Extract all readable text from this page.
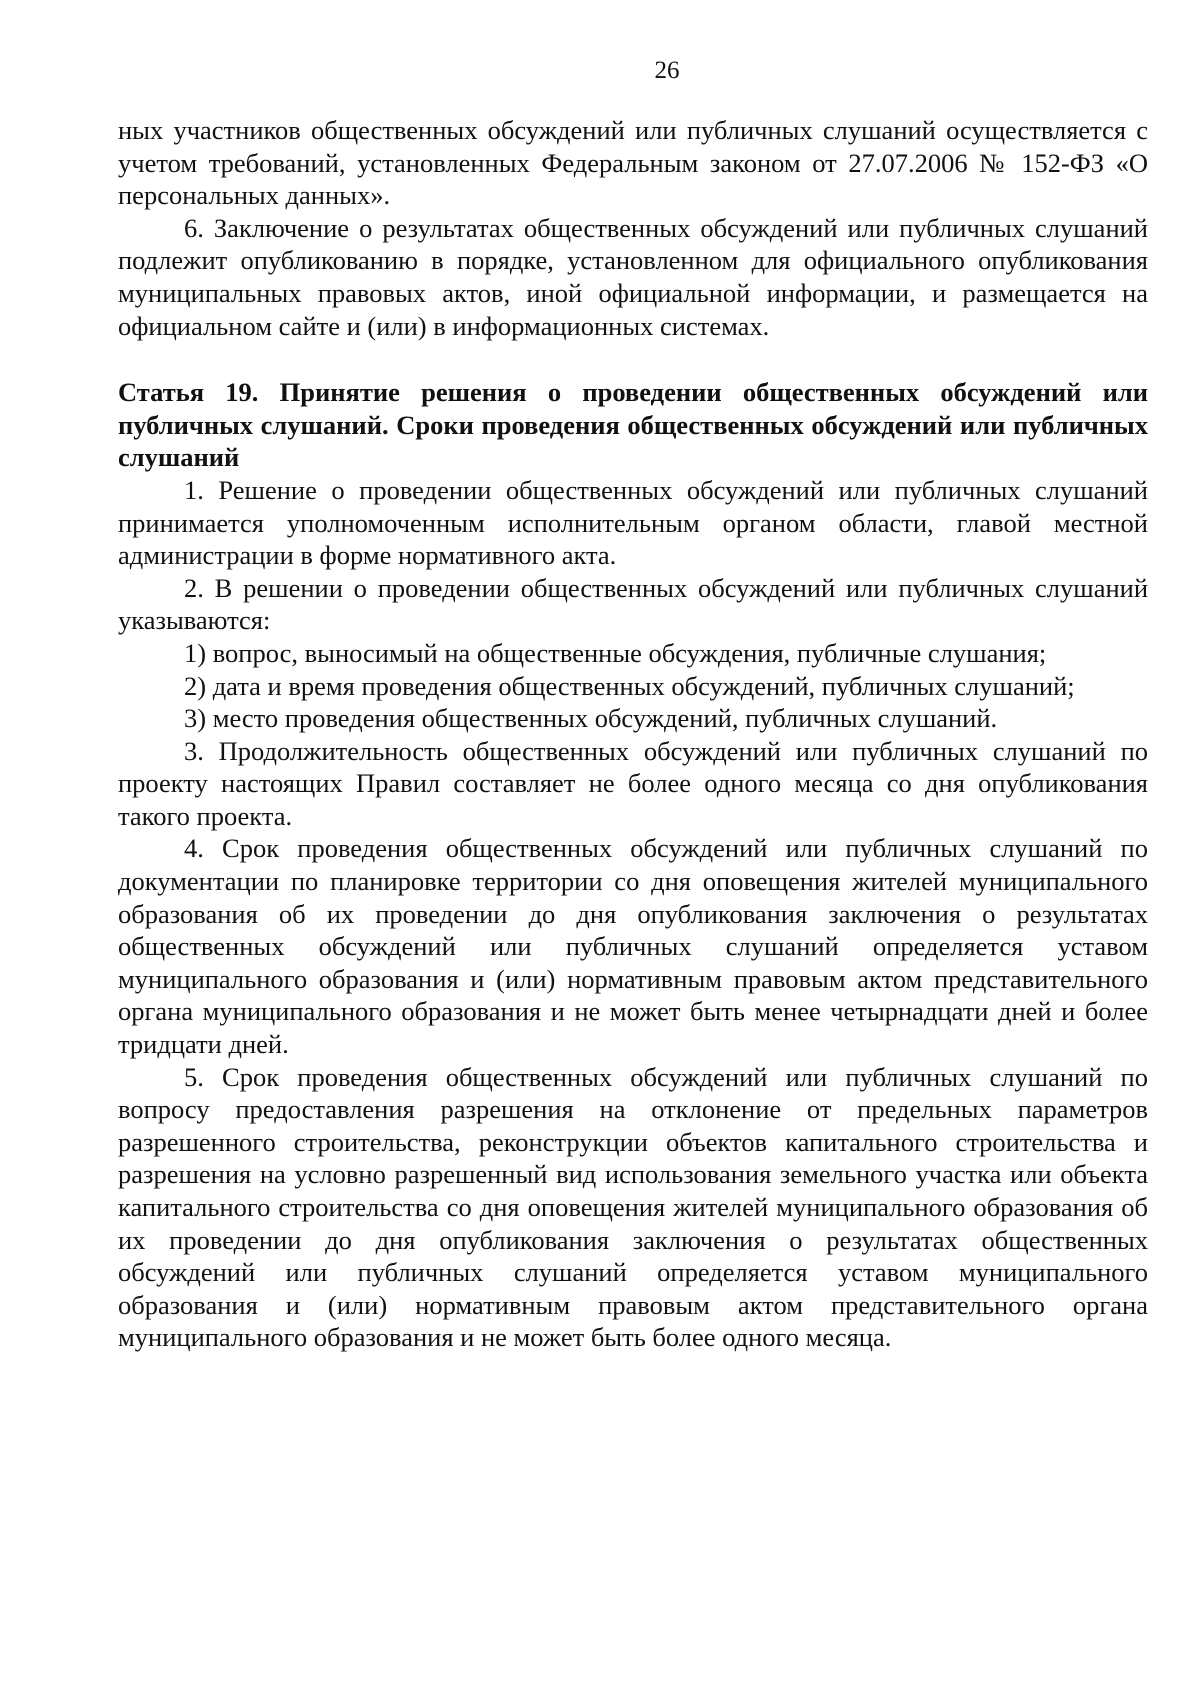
26

ных участников общественных обсуждений или публичных слушаний осуществляется с учетом требований, установленных Федеральным законом от 27.07.2006 № 152-ФЗ «О персональных данных».

6. Заключение о результатах общественных обсуждений или публичных слушаний подлежит опубликованию в порядке, установленном для официального опубликования муниципальных правовых актов, иной официальной информации, и размещается на официальном сайте и (или) в информационных системах.

Статья 19. Принятие решения о проведении общественных обсуждений или публичных слушаний. Сроки проведения общественных обсуждений или публичных слушаний

1. Решение о проведении общественных обсуждений или публичных слушаний принимается уполномоченным исполнительным органом области, главой местной администрации в форме нормативного акта.

2. В решении о проведении общественных обсуждений или публичных слушаний указываются:

1) вопрос, выносимый на общественные обсуждения, публичные слушания;

2) дата и время проведения общественных обсуждений, публичных слушаний;

3) место проведения общественных обсуждений, публичных слушаний.

3. Продолжительность общественных обсуждений или публичных слушаний по проекту настоящих Правил составляет не более одного месяца со дня опубликования такого проекта.

4. Срок проведения общественных обсуждений или публичных слушаний по документации по планировке территории со дня оповещения жителей муниципального образования об их проведении до дня опубликования заключения о результатах общественных обсуждений или публичных слушаний определяется уставом муниципального образования и (или) нормативным правовым актом представительного органа муниципального образования и не может быть менее четырнадцати дней и более тридцати дней.

5. Срок проведения общественных обсуждений или публичных слушаний по вопросу предоставления разрешения на отклонение от предельных параметров разрешенного строительства, реконструкции объектов капитального строительства и разрешения на условно разрешенный вид использования земельного участка или объекта капитального строительства со дня оповещения жителей муниципального образования об их проведении до дня опубликования заключения о результатах общественных обсуждений или публичных слушаний определяется уставом муниципального образования и (или) нормативным правовым актом представительного органа муниципального образования и не может быть более одного месяца.
